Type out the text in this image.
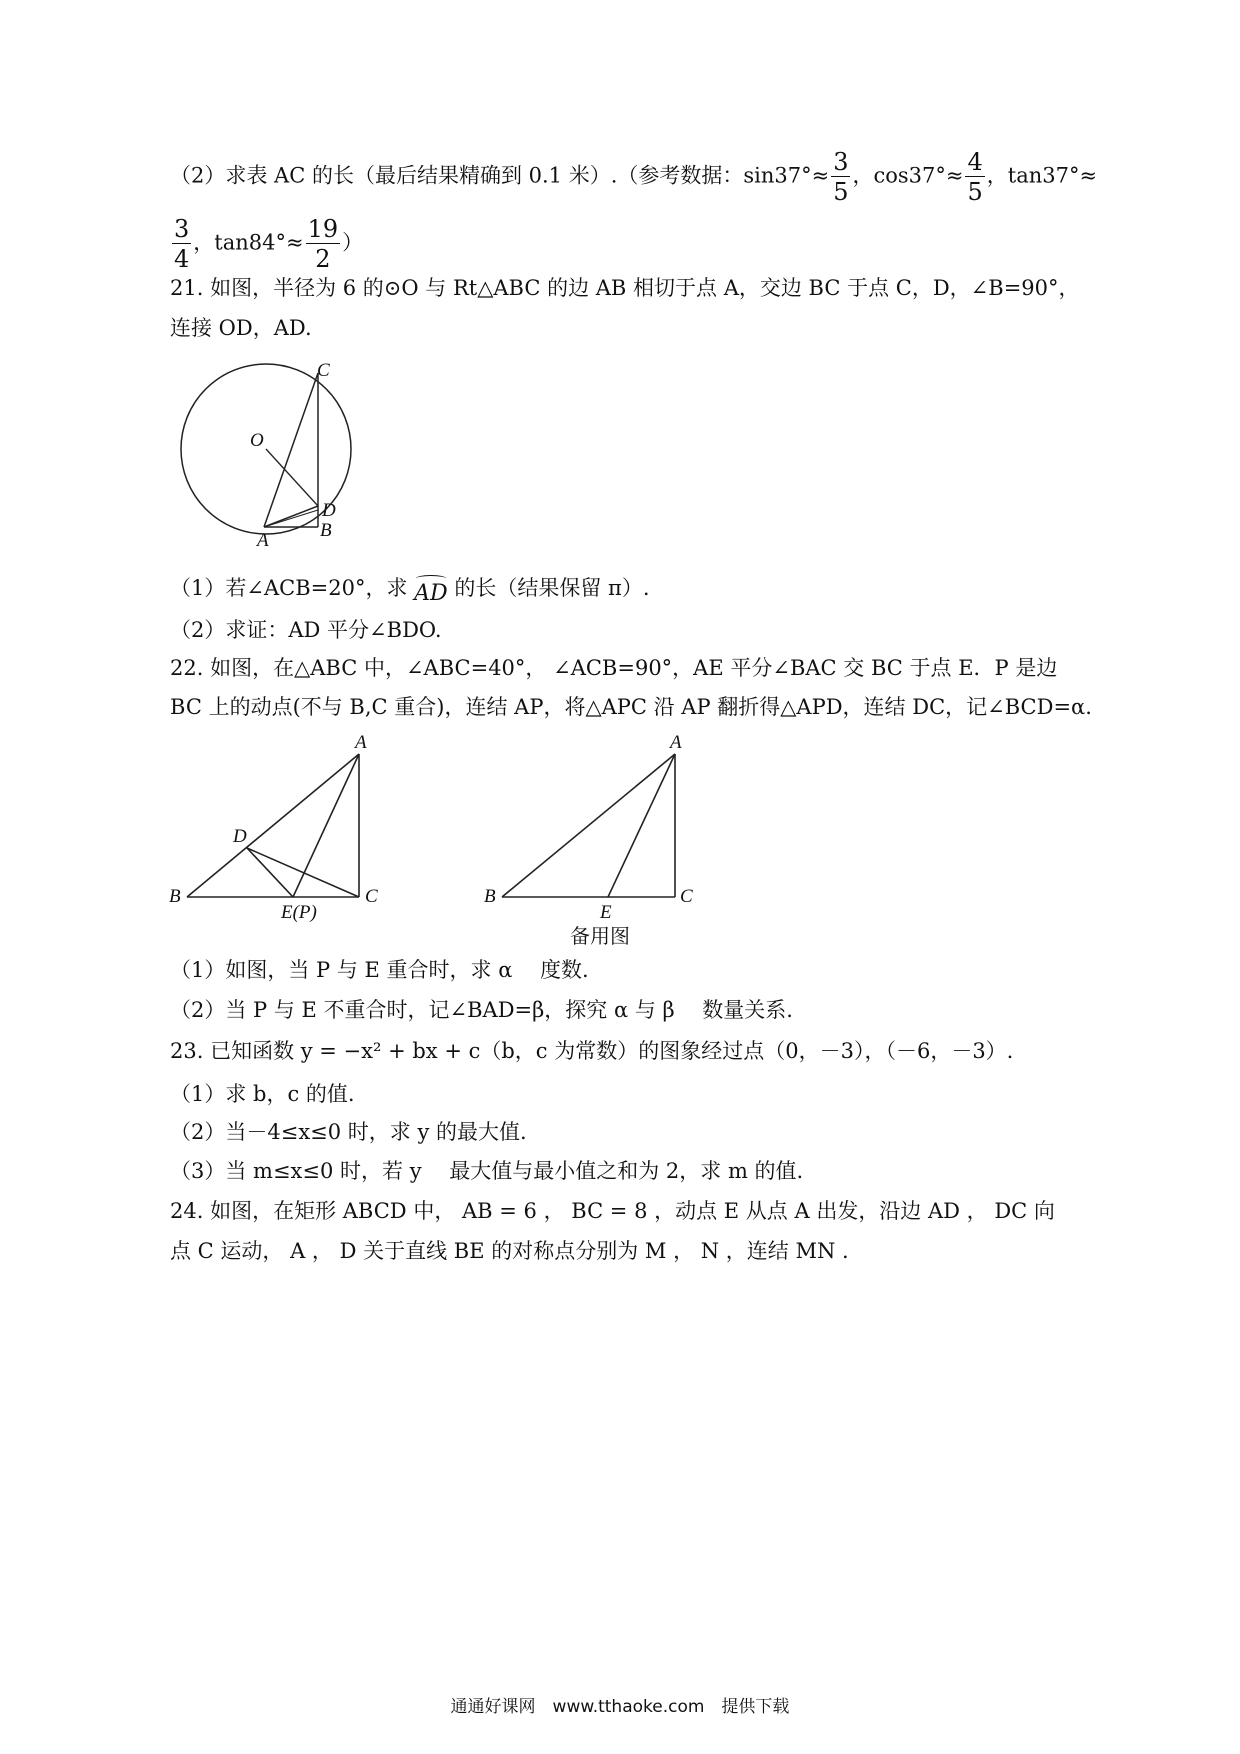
（2）求表 AC 的长（最后结果精确到 0.1 米）.（参考数据：$\sin 37^\circ\approx \frac{3}{5}$ ，$\cos 37^\circ\approx \frac{4}{5}$ ，tan37°≈
$\frac{3}{4}$ ，$\tan 84^\circ\approx \frac{19}{2}$ ）
21. 如图，半径为 6 的⊙O 与 Rt△ABC 的边 AB 相切于点 A，交边 BC 于点 C，D，∠B=90°，
连接 OD，AD.
C
O
D
A	B
（1）若∠ACB=20°，求 AD 的长（结果保留 π）.
（2）求证：AD 平分∠BDO.
22. 如图，在△ABC 中，∠ABC=40°， ∠ACB=90°，AE 平分∠BAC 交 BC 于点 E．P 是边
BC 上的动点(不与 B,C 重合)，连结 AP，将△APC 沿 AP 翻折得△APD，连结 DC，记∠BCD=α.
A
D
B
E(P)
C
A
B
E
C
备用图
（1）如图，当 P 与 E 重合时，求 α 　度数.
（2）当 P 与 E 不重合时，记∠BAD=β，探究 α 与 β 　数量关系.
23. 已知函数 y = −x² + bx + c（b，c 为常数）的图象经过点（0，－3），（－6，－3）.
（1）求 b，c 的值.
（2）当－4≤x≤0 时，求 y 的最大值.
（3）当 m≤x≤0 时，若 y 　最大值与最小值之和为 2，求 m 的值.
24. 如图，在矩形 ABCD 中， AB = 6 ， BC = 8 ，动点 E 从点 A 出发，沿边 AD ， DC 向
点 C 运动， A ， D 关于直线 BE 的对称点分别为 M ， N ，连结 MN .
通通好课网　www.tthaoke.com　提供下载
